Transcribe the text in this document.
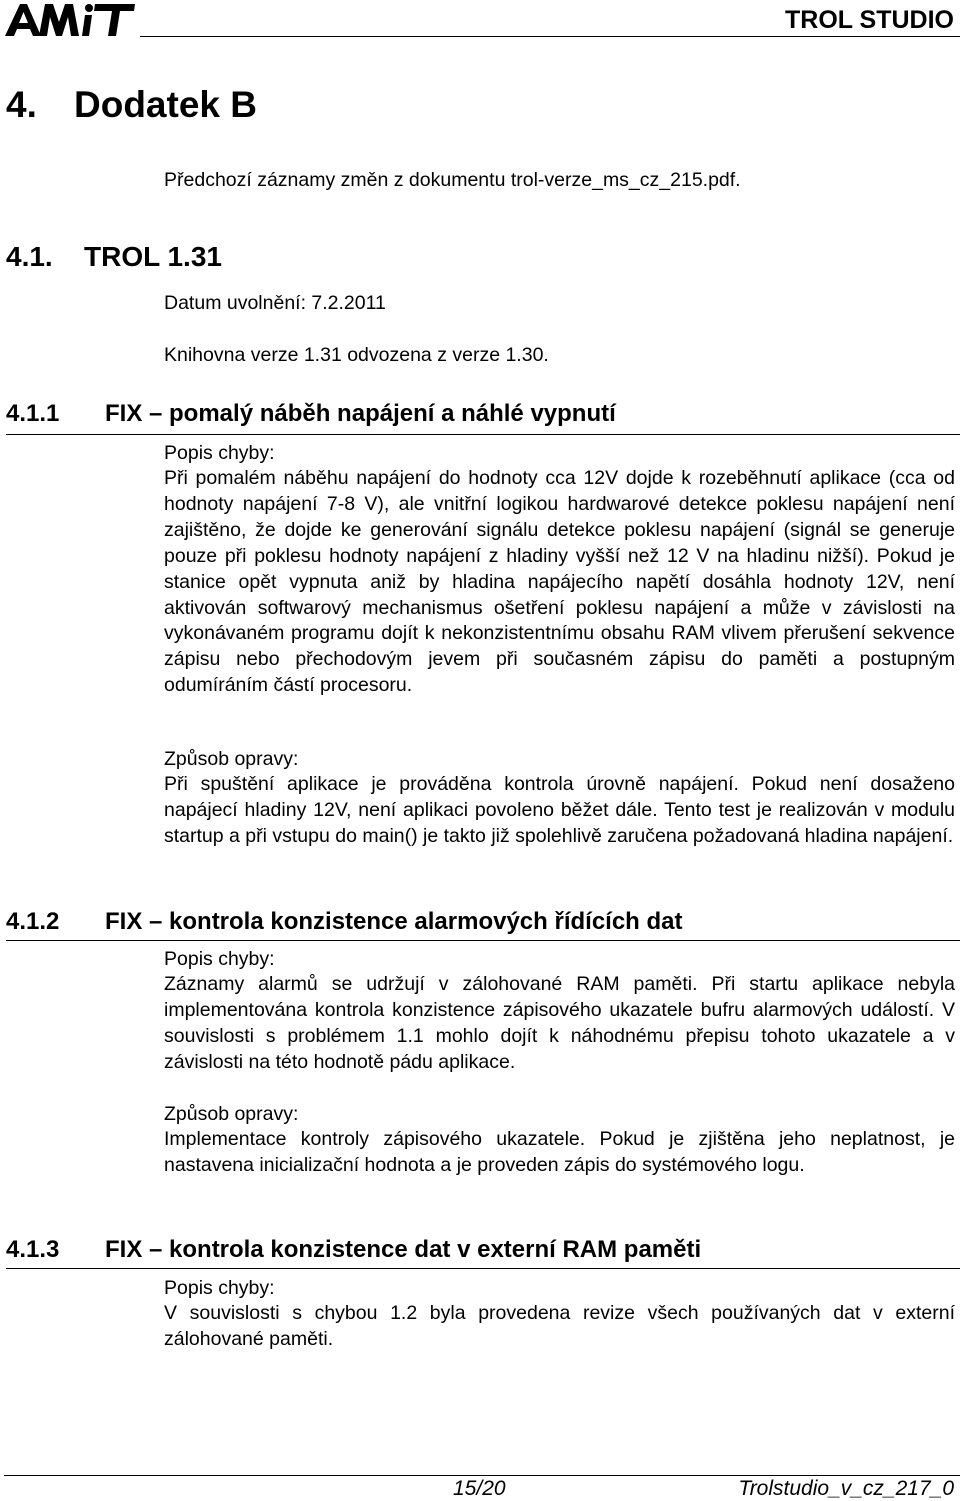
TROL STUDIO
4. Dodatek B
Předchozí záznamy změn z dokumentu trol-verze_ms_cz_215.pdf.
4.1. TROL 1.31
Datum uvolnění: 7.2.2011
Knihovna verze 1.31 odvozena z verze 1.30.
4.1.1 FIX – pomalý náběh napájení a náhlé vypnutí
Popis chyby:
Při pomalém náběhu napájení do hodnoty cca 12V dojde k rozeběhnutí aplikace (cca od hodnoty napájení 7-8 V), ale vnitřní logikou hardwarové detekce poklesu napájení není zajištěno, že dojde ke generování signálu detekce poklesu napájení (signál se generuje pouze při poklesu hodnoty napájení z hladiny vyšší než 12 V na hladinu nižší). Pokud je stanice opět vypnuta aniž by hladina napájecího napětí dosáhla hodnoty 12V, není aktivován softwarový mechanismus ošetření poklesu napájení a může v závislosti na vykonávaném programu dojít k nekonzistentnímu obsahu RAM vlivem přerušení sekvence zápisu nebo přechodovým jevem při současném zápisu do paměti a postupným odumíráním částí procesoru.
Způsob opravy:
Při spuštění aplikace je prováděna kontrola úrovně napájení. Pokud není dosaženo napájecí hladiny 12V, není aplikaci povoleno běžet dále. Tento test je realizován v modulu startup a při vstupu do main() je takto již spolehlivě zaručena požadovaná hladina napájení.
4.1.2 FIX – kontrola konzistence alarmových řídících dat
Popis chyby:
Záznamy alarmů se udržují v zálohované RAM paměti. Při startu aplikace nebyla implementována kontrola konzistence zápisového ukazatele bufru alarmových událostí. V souvislosti s problémem 1.1 mohlo dojít k náhodnému přepisu tohoto ukazatele a v závislosti na této hodnotě pádu aplikace.
Způsob opravy:
Implementace kontroly zápisového ukazatele. Pokud je zjištěna jeho neplatnost, je nastavena inicializační hodnota a je proveden zápis do systémového logu.
4.1.3 FIX – kontrola konzistence dat v externí RAM paměti
Popis chyby:
V souvislosti s chybou 1.2 byla provedena revize všech používaných dat v externí zálohované paměti.
15/20	Trolstudio_v_cz_217_0
